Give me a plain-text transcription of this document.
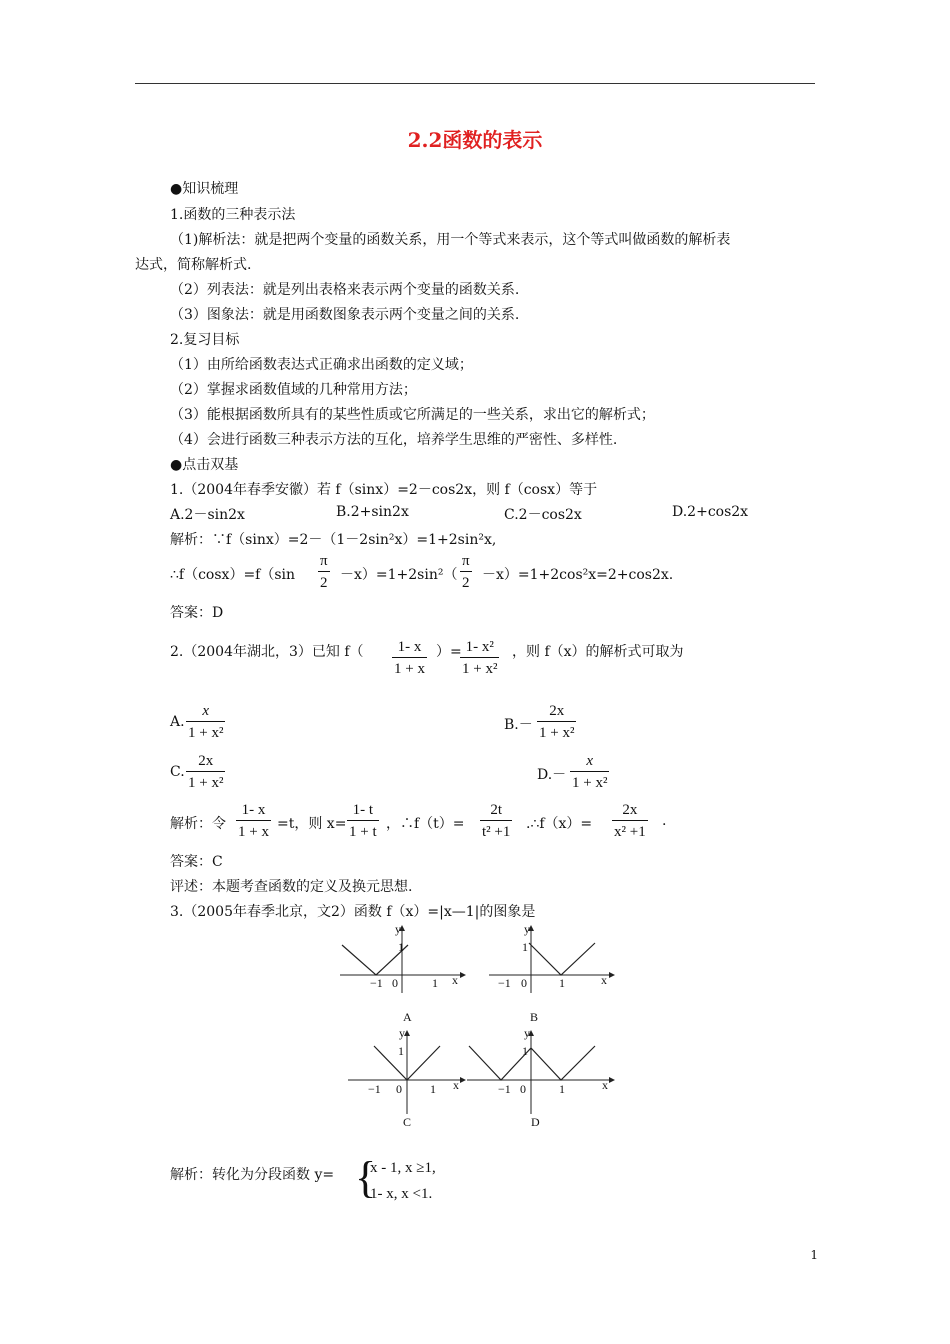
2.2函数的表示
●知识梳理
1.函数的三种表示法
（1)解析法：就是把两个变量的函数关系，用一个等式来表示，这个等式叫做函数的解析表
达式，简称解析式.
（2）列表法：就是列出表格来表示两个变量的函数关系.
（3）图象法：就是用函数图象表示两个变量之间的关系.
2.复习目标
（1）由所给函数表达式正确求出函数的定义域；
（2）掌握求函数值域的几种常用方法；
（3）能根据函数所具有的某些性质或它所满足的一些关系，求出它的解析式；
（4）会进行函数三种表示方法的互化，培养学生思维的严密性、多样性.
●点击双基
1.（2004年春季安徽）若 f（sinx）=2－cos2x，则 f（cosx）等于
A.2－sin2x	B.2+sin2x	C.2－cos2x	D.2+cos2x
解析：∵f（sinx）=2－（1－2sin²x）=1+2sin²x,
∴f（cosx）=f（sin $\frac{\pi}{2} -x)=1+2\sin^2( \frac{\pi}{2} -x)=1+2\cos^2x=2+\cos 2x$.
答案：D
2.（2004年湖北，3）已知 $f( \frac{1- x}{1 + x}$ ）=
$\frac{\text{1- x²}}{\text{1 + x²}}$ ，则 f（x）的解析式可取为
A. $\frac{x}{\text{1 + x²}}$	$B.- \frac{2x}{\text{1 + x²}}$
C. $\frac{2x}{\text{1 + x²}}$	$D.- \frac{x}{\text{1 + x²}}$
解析：令 $\frac{1- x}{1 + x} =t$，则 $x= \frac{1- t}{1 + t}$ ，∴f（t）= $\frac{2t}{\text{t² +1}}$ .∴f（x）= $\frac{2x}{\text{x² +1}}$ .
答案：C
评述：本题考查函数的定义及换元思想.
3.（2005年春季北京，文2）函数 f（x）=|x—1|的图象是
y
x
0
−1	1
1
A
y
x
0
−1	1
1
B
y
x
0
−1	1
1
C
y
x
0
−1	1
1
D
解析：转化为分段函数 y= {
x - 1, x ≥1,
1- x, x <1.
1
